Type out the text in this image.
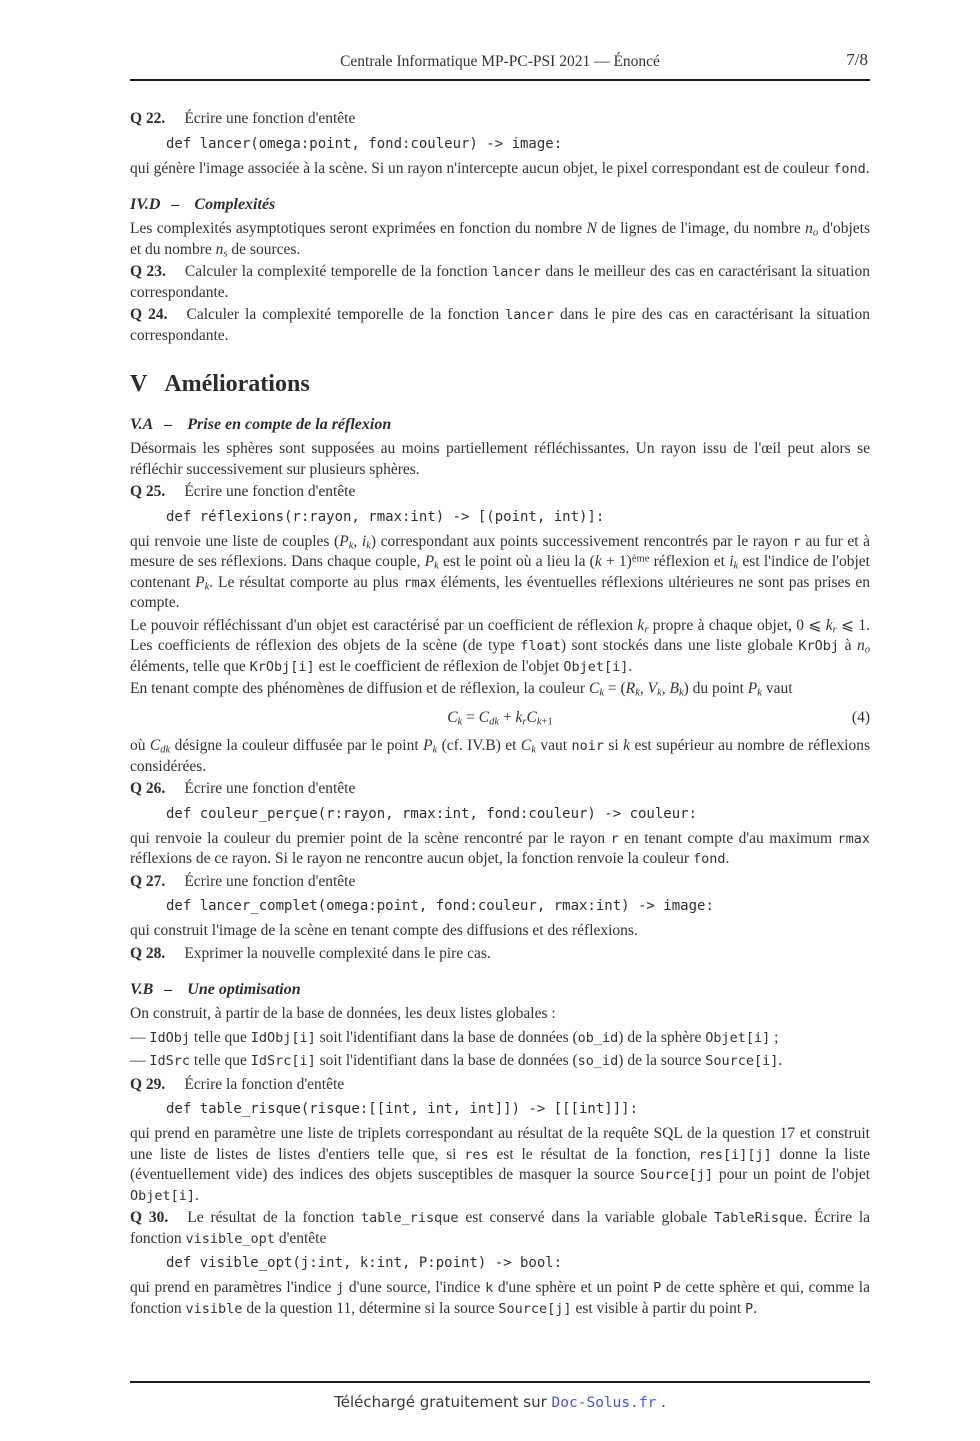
Centrale Informatique MP-PC-PSI 2021 — Énoncé	7/8

Q 22. Écrire une fonction d'entête

def lancer(omega:point, fond:couleur) -> image:

qui génère l'image associée à la scène. Si un rayon n'intercepte aucun objet, le pixel correspondant est de couleur fond.

IV.D – Complexités

Les complexités asymptotiques seront exprimées en fonction du nombre N de lignes de l'image, du nombre $n_o$ d'objets et du nombre $n_s$ de sources.

Q 23. Calculer la complexité temporelle de la fonction lancer dans le meilleur des cas en caractérisant la situation correspondante.

Q 24. Calculer la complexité temporelle de la fonction lancer dans le pire des cas en caractérisant la situation correspondante.

V Améliorations
V.A – Prise en compte de la réflexion

Désormais les sphères sont supposées au moins partiellement réfléchissantes. Un rayon issu de l'œil peut alors se réfléchir successivement sur plusieurs sphères.

Q 25. Écrire une fonction d'entête

def réflexions(r:rayon, rmax:int) -> [(point, int)]:

qui renvoie une liste de couples ($P_k$, $i_k$) correspondant aux points successivement rencontrés par le rayon r au fur et à mesure de ses réflexions. Dans chaque couple, $P_k$ est le point où a lieu la $(k + 1)^{ème}$ réflexion et $i_k$ est l'indice de l'objet contenant $P_k$. Le résultat comporte au plus rmax éléments, les éventuelles réflexions ultérieures ne sont pas prises en compte.

Le pouvoir réfléchissant d'un objet est caractérisé par un coefficient de réflexion $k_r$ propre à chaque objet, 0 ⩽ $k_r$ ⩽ 1. Les coefficients de réflexion des objets de la scène (de type float) sont stockés dans une liste globale KrObj à $n_o$ éléments, telle que KrObj[i] est le coefficient de réflexion de l'objet Objet[i].

En tenant compte des phénomènes de diffusion et de réflexion, la couleur $C_k = (R_k$, $V_k$, $B_k$) du point $P_k$ vaut

$C_k = C_{dk} + k_rC_{k+1}$	(4)

où $C_{dk}$ désigne la couleur diffusée par le point $P_k$ (cf. IV.B) et $C_k$ vaut noir si k est supérieur au nombre de réflexions considérées.

Q 26. Écrire une fonction d'entête

def couleur_perçue(r:rayon, rmax:int, fond:couleur) -> couleur:

qui renvoie la couleur du premier point de la scène rencontré par le rayon r en tenant compte d'au maximum rmax réflexions de ce rayon. Si le rayon ne rencontre aucun objet, la fonction renvoie la couleur fond.

Q 27. Écrire une fonction d'entête

def lancer_complet(omega:point, fond:couleur, rmax:int) -> image:

qui construit l'image de la scène en tenant compte des diffusions et des réflexions.

Q 28. Exprimer la nouvelle complexité dans le pire cas.

V.B – Une optimisation

On construit, à partir de la base de données, les deux listes globales :

— IdObj telle que IdObj[i] soit l'identifiant dans la base de données (ob_id) de la sphère Objet[i] ;

— IdSrc telle que IdSrc[i] soit l'identifiant dans la base de données (so_id) de la source Source[i].

Q 29. Écrire la fonction d'entête

def table_risque(risque:[[int, int, int]]) -> [[[int]]]:

qui prend en paramètre une liste de triplets correspondant au résultat de la requête SQL de la question 17 et construit une liste de listes de listes d'entiers telle que, si res est le résultat de la fonction, res[i][j] donne la liste (éventuellement vide) des indices des objets susceptibles de masquer la source Source[j] pour un point de l'objet Objet[i].

Q 30. Le résultat de la fonction table_risque est conservé dans la variable globale TableRisque. Écrire la fonction visible_opt d'entête

def visible_opt(j:int, k:int, P:point) -> bool:

qui prend en paramètres l'indice j d'une source, l'indice k d'une sphère et un point P de cette sphère et qui, comme la fonction visible de la question 11, détermine si la source Source[j] est visible à partir du point P.

Téléchargé gratuitement sur Doc-Solus.fr .
